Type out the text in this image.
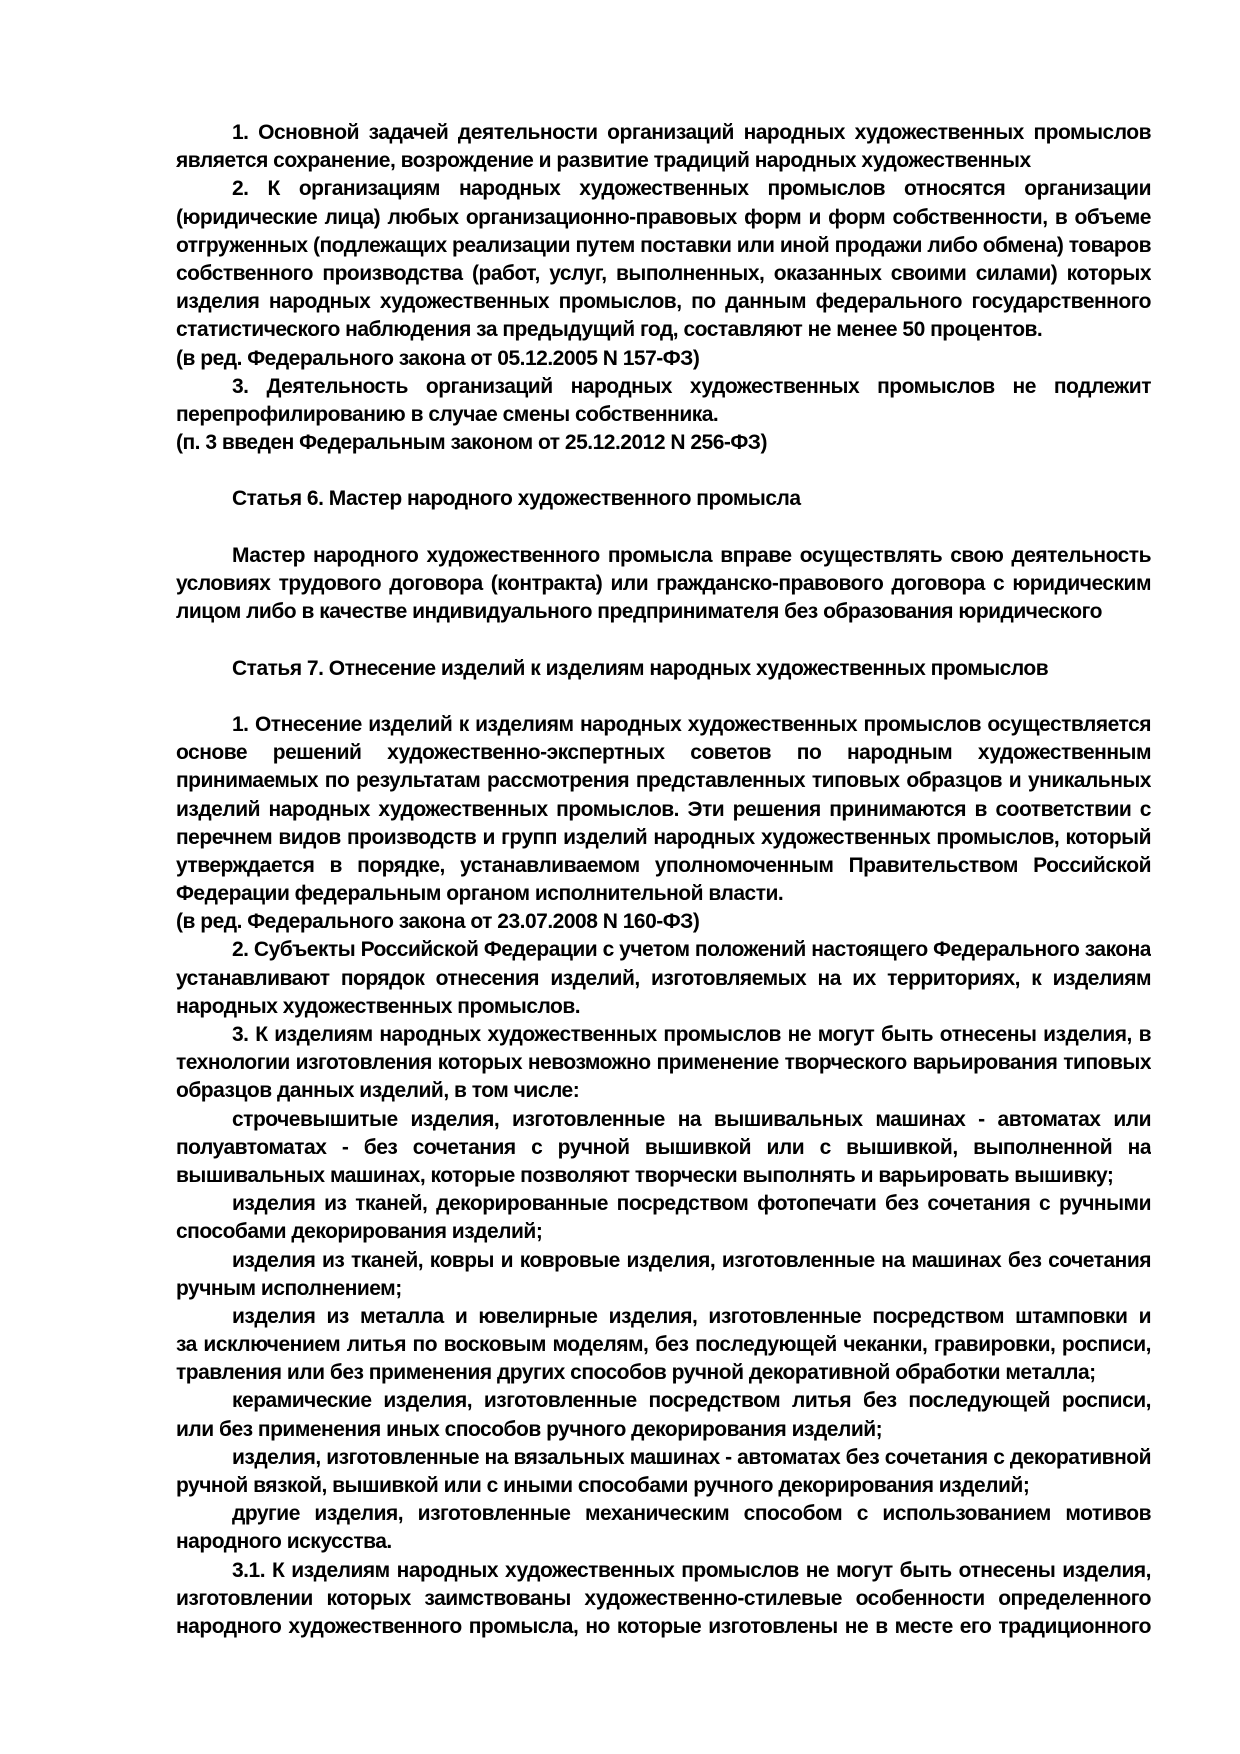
1. Основной задачей деятельности организаций народных художественных промыслов
является сохранение, возрождение и развитие традиций народных художественных
2. К организациям народных художественных промыслов относятся организации
(юридические лица) любых организационно-правовых форм и форм собственности, в объеме
отгруженных (подлежащих реализации путем поставки или иной продажи либо обмена) товаров
собственного производства (работ, услуг, выполненных, оказанных своими силами) которых
изделия народных художественных промыслов, по данным федерального государственного
статистического наблюдения за предыдущий год, составляют не менее 50 процентов.
(в ред. Федерального закона от 05.12.2005 N 157-ФЗ)
3. Деятельность организаций народных художественных промыслов не подлежит
перепрофилированию в случае смены собственника.
(п. 3 введен Федеральным законом от 25.12.2012 N 256-ФЗ)
Статья 6. Мастер народного художественного промысла
Мастер народного художественного промысла вправе осуществлять свою деятельность
условиях трудового договора (контракта) или гражданско-правового договора с юридическим
лицом либо в качестве индивидуального предпринимателя без образования юридического
Статья 7. Отнесение изделий к изделиям народных художественных промыслов
1. Отнесение изделий к изделиям народных художественных промыслов осуществляется
основе решений художественно-экспертных советов по народным художественным
принимаемых по результатам рассмотрения представленных типовых образцов и уникальных
изделий народных художественных промыслов. Эти решения принимаются в соответствии с
перечнем видов производств и групп изделий народных художественных промыслов, который
утверждается в порядке, устанавливаемом уполномоченным Правительством Российской
Федерации федеральным органом исполнительной власти.
(в ред. Федерального закона от 23.07.2008 N 160-ФЗ)
2. Субъекты Российской Федерации с учетом положений настоящего Федерального закона
устанавливают порядок отнесения изделий, изготовляемых на их территориях, к изделиям
народных художественных промыслов.
3. К изделиям народных художественных промыслов не могут быть отнесены изделия, в
технологии изготовления которых невозможно применение творческого варьирования типовых
образцов данных изделий, в том числе:
строчевышитые изделия, изготовленные на вышивальных машинах - автоматах или
полуавтоматах - без сочетания с ручной вышивкой или с вышивкой, выполненной на
вышивальных машинах, которые позволяют творчески выполнять и варьировать вышивку;
изделия из тканей, декорированные посредством фотопечати без сочетания с ручными
способами декорирования изделий;
изделия из тканей, ковры и ковровые изделия, изготовленные на машинах без сочетания
ручным исполнением;
изделия из металла и ювелирные изделия, изготовленные посредством штамповки и
за исключением литья по восковым моделям, без последующей чеканки, гравировки, росписи,
травления или без применения других способов ручной декоративной обработки металла;
керамические изделия, изготовленные посредством литья без последующей росписи,
или без применения иных способов ручного декорирования изделий;
изделия, изготовленные на вязальных машинах - автоматах без сочетания с декоративной
ручной вязкой, вышивкой или с иными способами ручного декорирования изделий;
другие изделия, изготовленные механическим способом с использованием мотивов
народного искусства.
3.1. К изделиям народных художественных промыслов не могут быть отнесены изделия,
изготовлении которых заимствованы художественно-стилевые особенности определенного
народного художественного промысла, но которые изготовлены не в месте его традиционного
